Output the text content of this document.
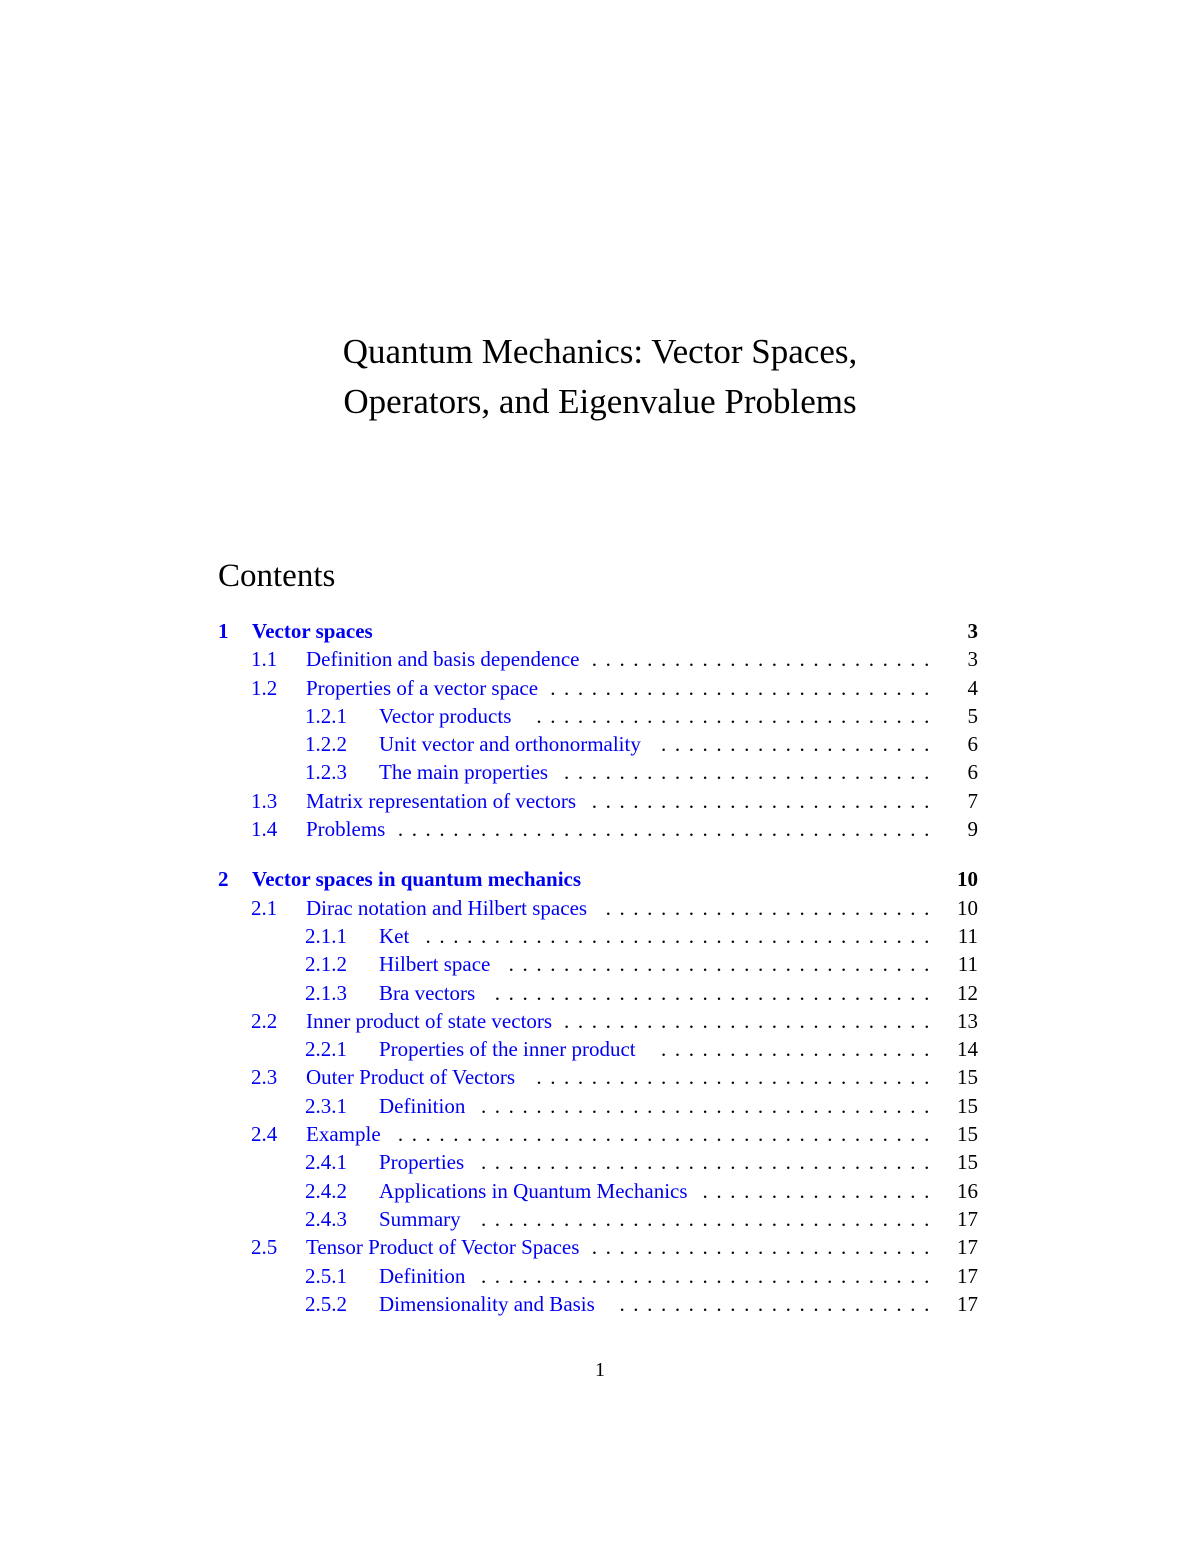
Quantum Mechanics: Vector Spaces,
Operators, and Eigenvalue Problems
Contents
1	Vector spaces	3
1.1	Definition and basis dependence .........................	3
1.2	Properties of a vector space ............................	4
1.2.1	Vector products	.............................	5
1.2.2	Unit vector and orthonormality ....................	6
1.2.3	The main properties ...........................	6
1.3	Matrix representation of vectors .........................	7
1.4	Problems .......................................	9
2	Vector spaces in quantum mechanics	10
2.1	Dirac notation and Hilbert spaces ........................ 10
2.1.1	Ket ..................................... 11
2.1.2	Hilbert space ............................... 11
2.1.3	Bra vectors ................................ 12
2.2	Inner product of state vectors ........................... 13
2.2.1	Properties of the inner product	.................... 14
2.3	Outer Product of Vectors	............................. 15
2.3.1	Definition ................................. 15
2.4	Example ....................................... 15
2.4.1	Properties ................................. 15
2.4.2	Applications in Quantum Mechanics ................. 16
2.4.3	Summary ................................. 17
2.5	Tensor Product of Vector Spaces ......................... 17
2.5.1	Definition ................................. 17
2.5.2	Dimensionality and Basis	....................... 17
1
